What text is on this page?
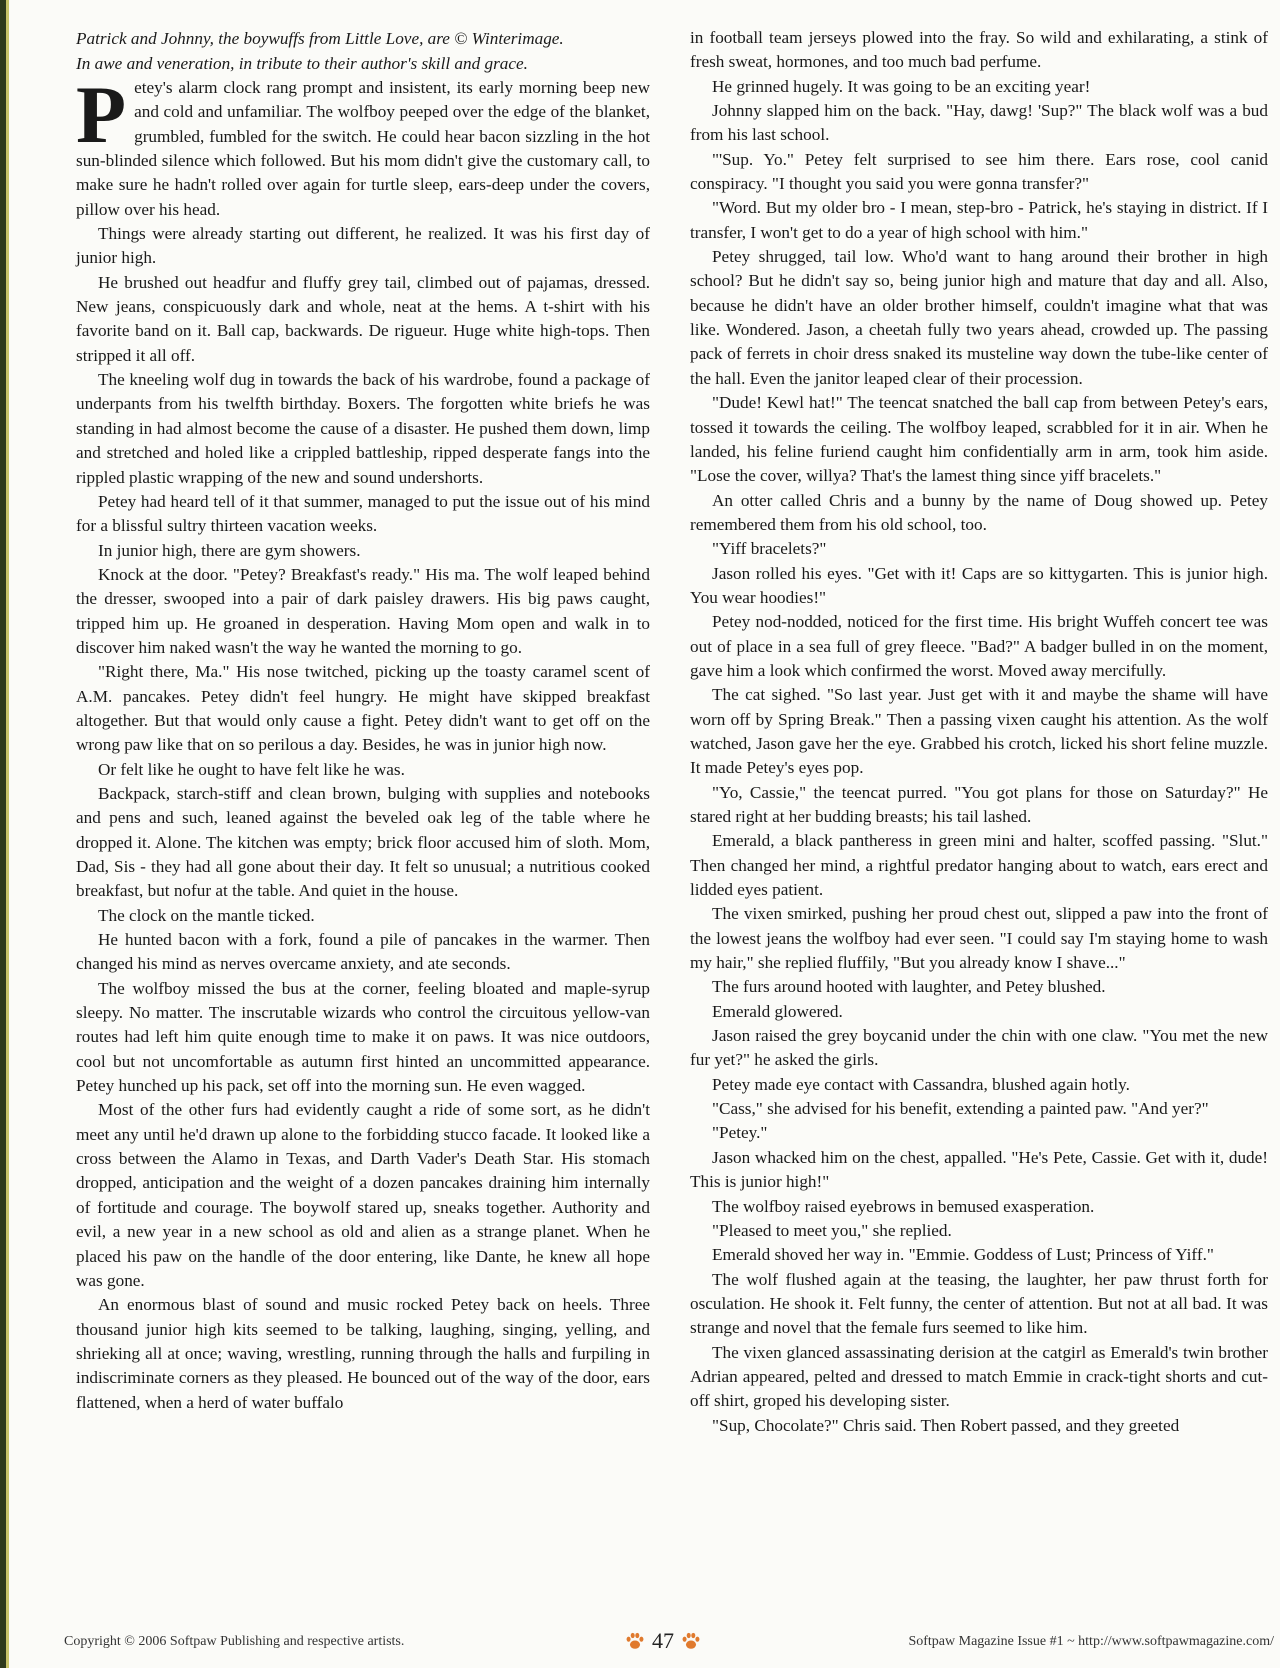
Patrick and Johnny, the boywuffs from Little Love, are © Winterimage.
In awe and veneration, in tribute to their author's skill and grace.

Petey's alarm clock rang prompt and insistent, its early morning beep new and cold and unfamiliar. The wolfboy peeped over the edge of the blanket, grumbled, fumbled for the switch. He could hear bacon sizzling in the hot sun-blinded silence which followed. But his mom didn't give the customary call, to make sure he hadn't rolled over again for turtle sleep, ears-deep under the covers, pillow over his head.

Things were already starting out different, he realized. It was his first day of junior high.

He brushed out headfur and fluffy grey tail, climbed out of pajamas, dressed. New jeans, conspicuously dark and whole, neat at the hems. A t-shirt with his favorite band on it. Ball cap, backwards. De rigueur. Huge white high-tops. Then stripped it all off.

The kneeling wolf dug in towards the back of his wardrobe, found a package of underpants from his twelfth birthday. Boxers. The forgotten white briefs he was standing in had almost become the cause of a disaster. He pushed them down, limp and stretched and holed like a crippled battleship, ripped desperate fangs into the rippled plastic wrapping of the new and sound undershorts.

Petey had heard tell of it that summer, managed to put the issue out of his mind for a blissful sultry thirteen vacation weeks.

In junior high, there are gym showers.

Knock at the door. "Petey? Breakfast's ready." His ma. The wolf leaped behind the dresser, swooped into a pair of dark paisley drawers. His big paws caught, tripped him up. He groaned in desperation. Having Mom open and walk in to discover him naked wasn't the way he wanted the morning to go.

"Right there, Ma." His nose twitched, picking up the toasty caramel scent of A.M. pancakes. Petey didn't feel hungry. He might have skipped breakfast altogether. But that would only cause a fight. Petey didn't want to get off on the wrong paw like that on so perilous a day. Besides, he was in junior high now.

Or felt like he ought to have felt like he was.

Backpack, starch-stiff and clean brown, bulging with supplies and notebooks and pens and such, leaned against the beveled oak leg of the table where he dropped it. Alone. The kitchen was empty; brick floor accused him of sloth. Mom, Dad, Sis - they had all gone about their day. It felt so unusual; a nutritious cooked breakfast, but nofur at the table. And quiet in the house.

The clock on the mantle ticked.

He hunted bacon with a fork, found a pile of pancakes in the warmer. Then changed his mind as nerves overcame anxiety, and ate seconds.

The wolfboy missed the bus at the corner, feeling bloated and maple-syrup sleepy. No matter. The inscrutable wizards who control the circuitous yellow-van routes had left him quite enough time to make it on paws. It was nice outdoors, cool but not uncomfortable as autumn first hinted an uncommitted appearance. Petey hunched up his pack, set off into the morning sun. He even wagged.

Most of the other furs had evidently caught a ride of some sort, as he didn't meet any until he'd drawn up alone to the forbidding stucco facade. It looked like a cross between the Alamo in Texas, and Darth Vader's Death Star. His stomach dropped, anticipation and the weight of a dozen pancakes draining him internally of fortitude and courage. The boywolf stared up, sneaks together. Authority and evil, a new year in a new school as old and alien as a strange planet. When he placed his paw on the handle of the door entering, like Dante, he knew all hope was gone.

An enormous blast of sound and music rocked Petey back on heels. Three thousand junior high kits seemed to be talking, laughing, singing, yelling, and shrieking all at once; waving, wrestling, running through the halls and furpiling in indiscriminate corners as they pleased. He bounced out of the way of the door, ears flattened, when a herd of water buffalo

in football team jerseys plowed into the fray. So wild and exhilarating, a stink of fresh sweat, hormones, and too much bad perfume.

He grinned hugely. It was going to be an exciting year!

Johnny slapped him on the back. "Hay, dawg! 'Sup?" The black wolf was a bud from his last school.

"'Sup. Yo." Petey felt surprised to see him there. Ears rose, cool canid conspiracy. "I thought you said you were gonna transfer?"

"Word. But my older bro - I mean, step-bro - Patrick, he's staying in district. If I transfer, I won't get to do a year of high school with him."

Petey shrugged, tail low. Who'd want to hang around their brother in high school? But he didn't say so, being junior high and mature that day and all. Also, because he didn't have an older brother himself, couldn't imagine what that was like. Wondered. Jason, a cheetah fully two years ahead, crowded up. The passing pack of ferrets in choir dress snaked its musteline way down the tube-like center of the hall. Even the janitor leaped clear of their procession.

"Dude! Kewl hat!" The teencat snatched the ball cap from between Petey's ears, tossed it towards the ceiling. The wolfboy leaped, scrabbled for it in air. When he landed, his feline furiend caught him confidentially arm in arm, took him aside. "Lose the cover, willya? That's the lamest thing since yiff bracelets."

An otter called Chris and a bunny by the name of Doug showed up. Petey remembered them from his old school, too.

"Yiff bracelets?"

Jason rolled his eyes. "Get with it! Caps are so kittygarten. This is junior high. You wear hoodies!"

Petey nod-nodded, noticed for the first time. His bright Wuffeh concert tee was out of place in a sea full of grey fleece. "Bad?" A badger bulled in on the moment, gave him a look which confirmed the worst. Moved away mercifully.

The cat sighed. "So last year. Just get with it and maybe the shame will have worn off by Spring Break." Then a passing vixen caught his attention. As the wolf watched, Jason gave her the eye. Grabbed his crotch, licked his short feline muzzle. It made Petey's eyes pop.

"Yo, Cassie," the teencat purred. "You got plans for those on Saturday?" He stared right at her budding breasts; his tail lashed.

Emerald, a black pantheress in green mini and halter, scoffed passing. "Slut." Then changed her mind, a rightful predator hanging about to watch, ears erect and lidded eyes patient.

The vixen smirked, pushing her proud chest out, slipped a paw into the front of the lowest jeans the wolfboy had ever seen. "I could say I'm staying home to wash my hair," she replied fluffily, "But you already know I shave..."

The furs around hooted with laughter, and Petey blushed.

Emerald glowered.

Jason raised the grey boycanid under the chin with one claw. "You met the new fur yet?" he asked the girls.

Petey made eye contact with Cassandra, blushed again hotly.

"Cass," she advised for his benefit, extending a painted paw. "And yer?"

"Petey."

Jason whacked him on the chest, appalled. "He's Pete, Cassie. Get with it, dude! This is junior high!"

The wolfboy raised eyebrows in bemused exasperation.

"Pleased to meet you," she replied.

Emerald shoved her way in. "Emmie. Goddess of Lust; Princess of Yiff."

The wolf flushed again at the teasing, the laughter, her paw thrust forth for osculation. He shook it. Felt funny, the center of attention. But not at all bad. It was strange and novel that the female furs seemed to like him.

The vixen glanced assassinating derision at the catgirl as Emerald's twin brother Adrian appeared, pelted and dressed to match Emmie in crack-tight shorts and cut-off shirt, groped his developing sister.

"Sup, Chocolate?" Chris said. Then Robert passed, and they greeted

Copyright © 2006 Softpaw Publishing and respective artists.	47	Softpaw Magazine Issue #1 ~ http://www.softpawmagazine.com/
